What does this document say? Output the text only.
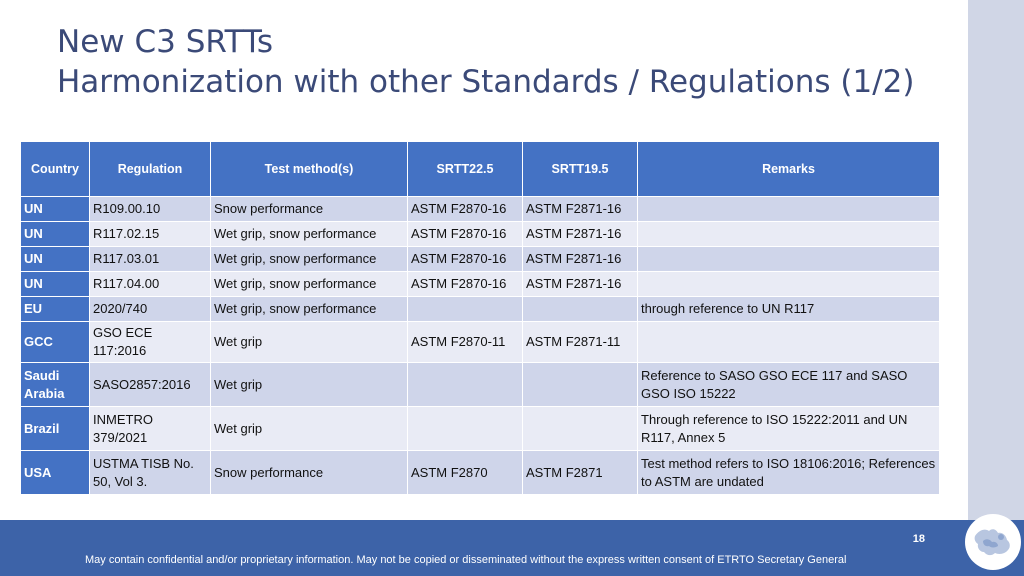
New C3 SRTTs
Harmonization with other Standards / Regulations (1/2)
Country	Regulation	Test method(s)	SRTT22.5	SRTT19.5	Remarks
UN	R109.00.10	Snow performance	ASTM F2870-16	ASTM F2871-16	
UN	R117.02.15	Wet grip, snow performance	ASTM F2870-16	ASTM F2871-16	
UN	R117.03.01	Wet grip, snow performance	ASTM F2870-16	ASTM F2871-16	
UN	R117.04.00	Wet grip, snow performance	ASTM F2870-16	ASTM F2871-16	
EU	2020/740	Wet grip, snow performance			through reference to UN R117
GCC	GSO ECE 117:2016	Wet grip	ASTM F2870-11	ASTM F2871-11	
Saudi Arabia	SASO2857:2016	Wet grip			Reference to SASO GSO ECE 117 and SASO GSO ISO 15222
Brazil	INMETRO 379/2021	Wet grip			Through reference to ISO 15222:2011 and UN R117, Annex 5
USA	USTMA TISB No. 50, Vol 3.	Snow performance	ASTM F2870	ASTM F2871	Test method refers to ISO 18106:2016; References to ASTM are undated
18
May contain confidential and/or proprietary information. May not be copied or disseminated without the express written consent of ETRTO Secretary General
